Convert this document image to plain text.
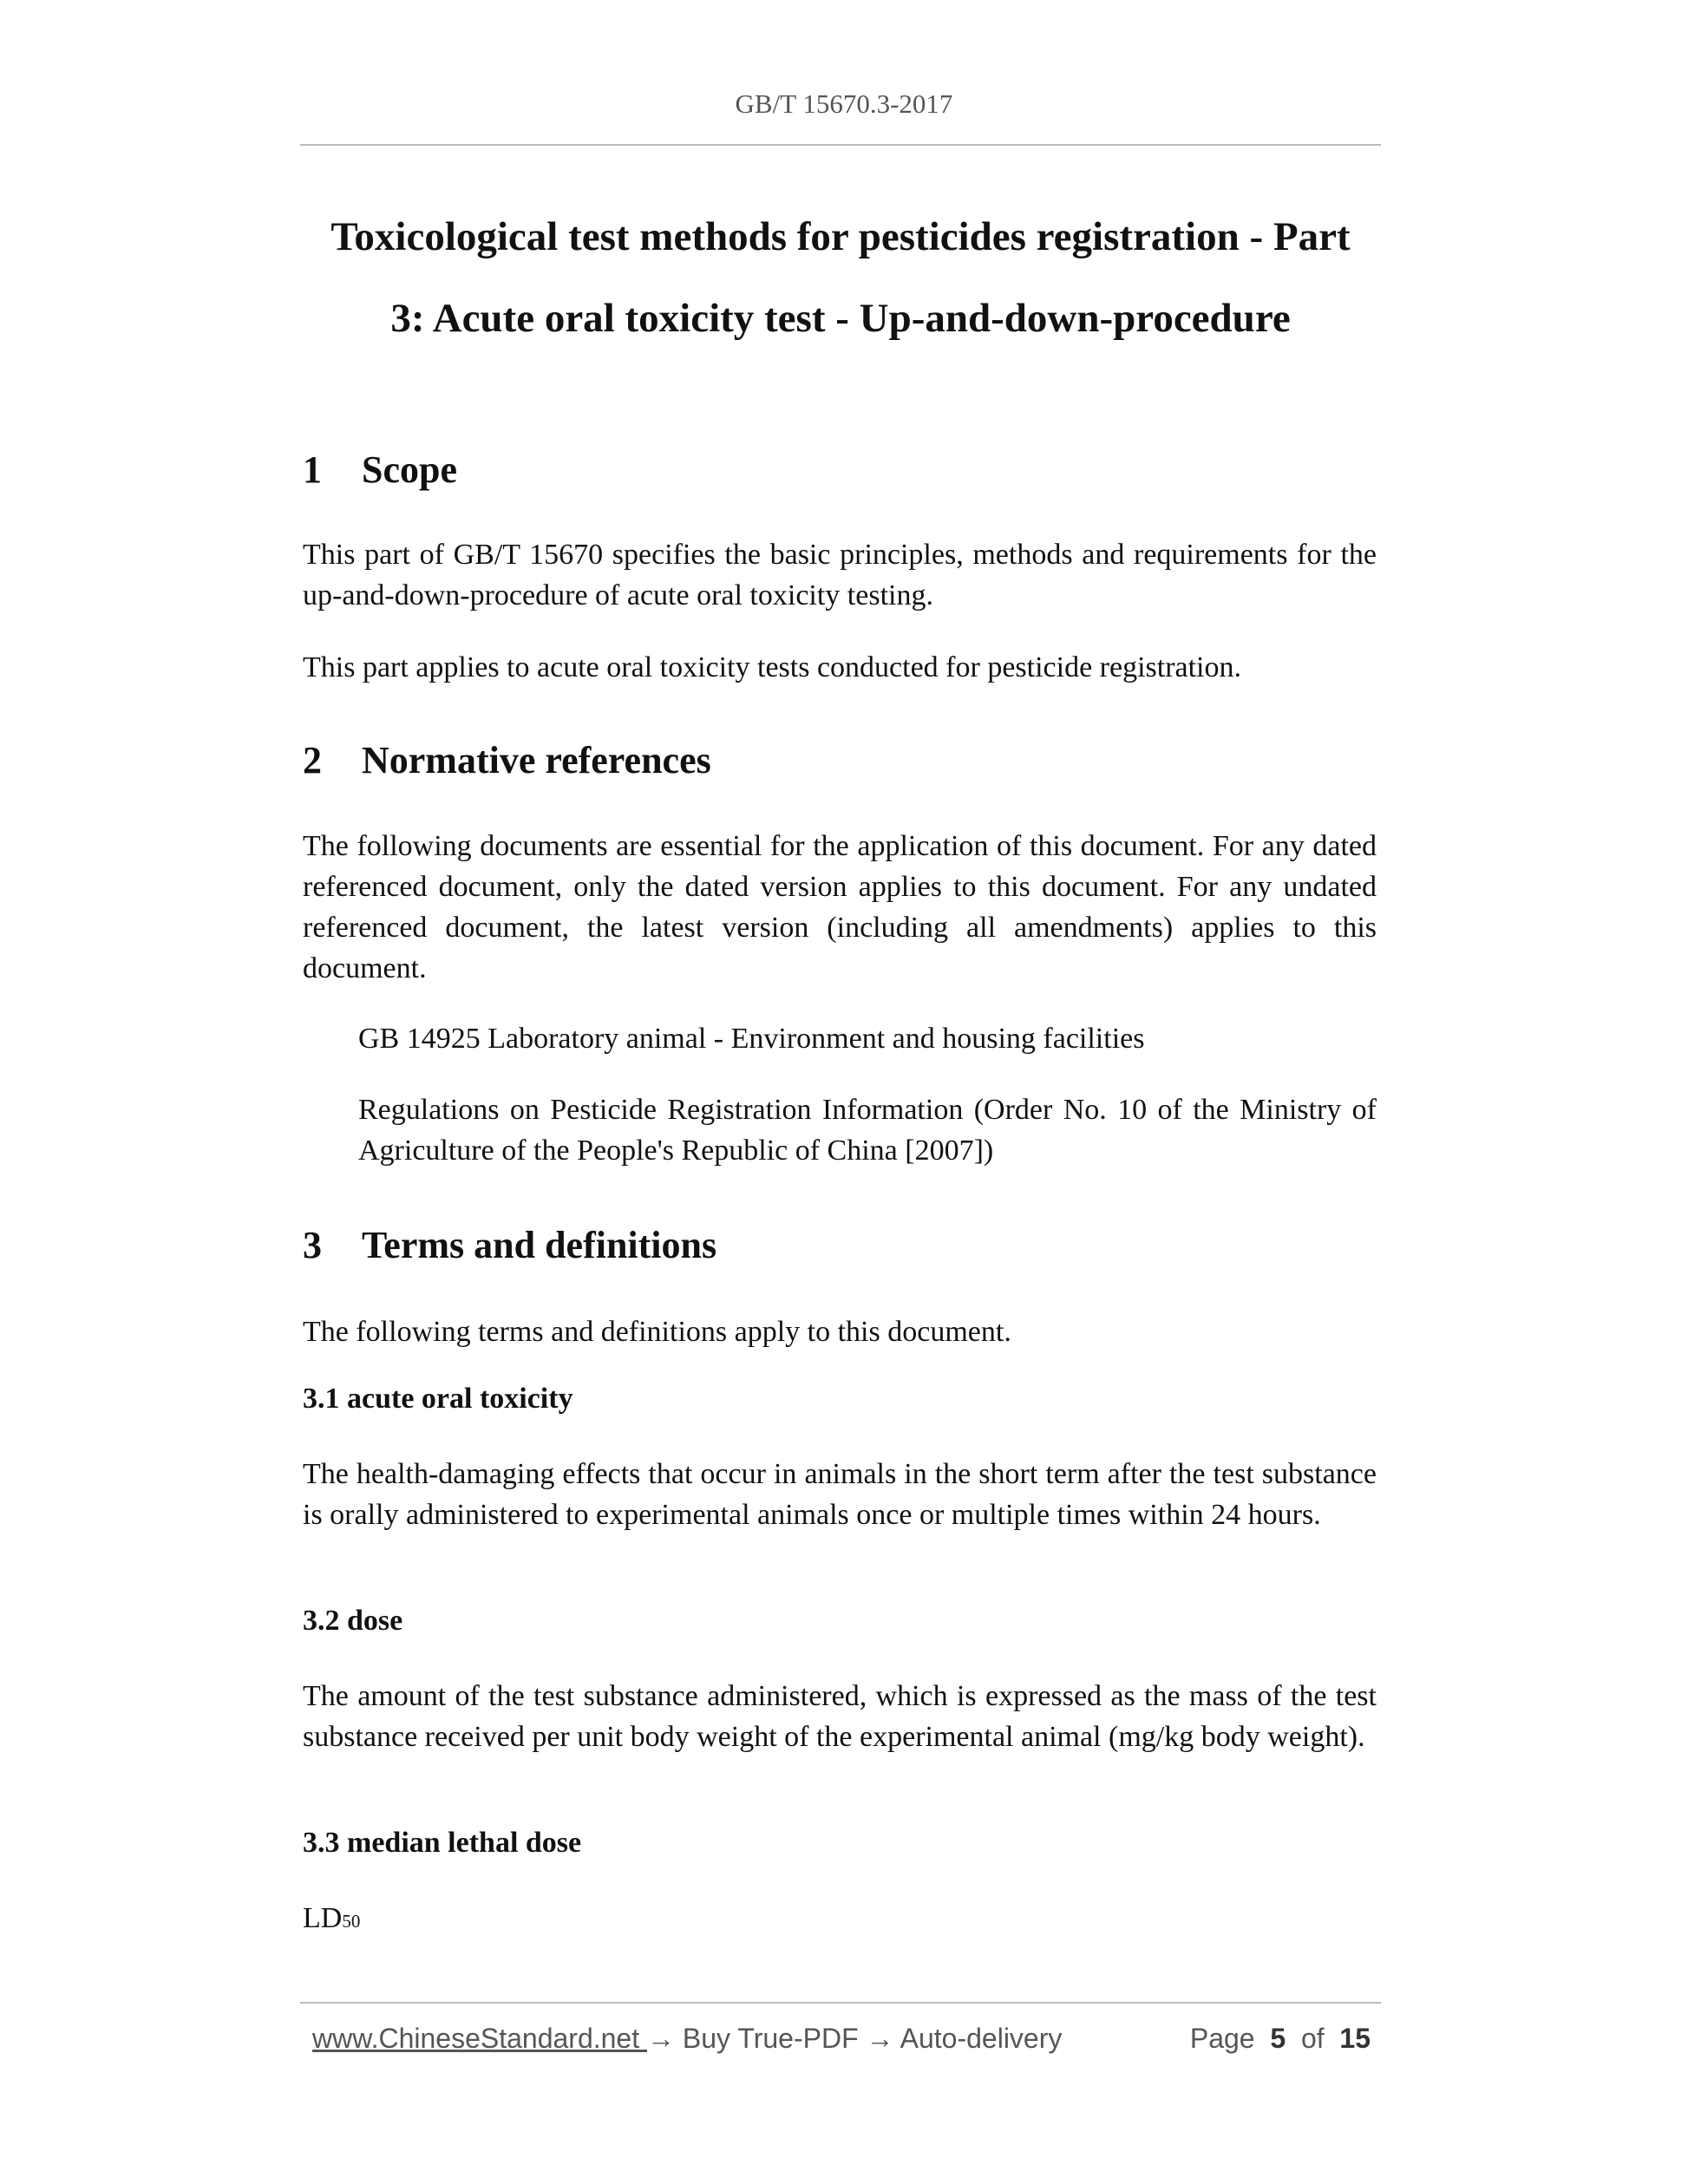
GB/T 15670.3-2017
Toxicological test methods for pesticides registration - Part
3: Acute oral toxicity test - Up-and-down-procedure
1 Scope

This part of GB/T 15670 specifies the basic principles, methods and requirements for the up-and-down-procedure of acute oral toxicity testing.

This part applies to acute oral toxicity tests conducted for pesticide registration.

2 Normative references

The following documents are essential for the application of this document. For any dated referenced document, only the dated version applies to this document. For any undated referenced document, the latest version (including all amendments) applies to this document.

GB 14925 Laboratory animal - Environment and housing facilities

Regulations on Pesticide Registration Information (Order No. 10 of the Ministry of Agriculture of the People's Republic of China [2007])

3 Terms and definitions

The following terms and definitions apply to this document.

3.1 acute oral toxicity

The health-damaging effects that occur in animals in the short term after the test substance is orally administered to experimental animals once or multiple times within 24 hours.

3.2 dose

The amount of the test substance administered, which is expressed as the mass of the test substance received per unit body weight of the experimental animal (mg/kg body weight).

3.3 median lethal dose

LD50

www.ChineseStandard.net → Buy True-PDF → Auto-delivery	Page 5 of 15
